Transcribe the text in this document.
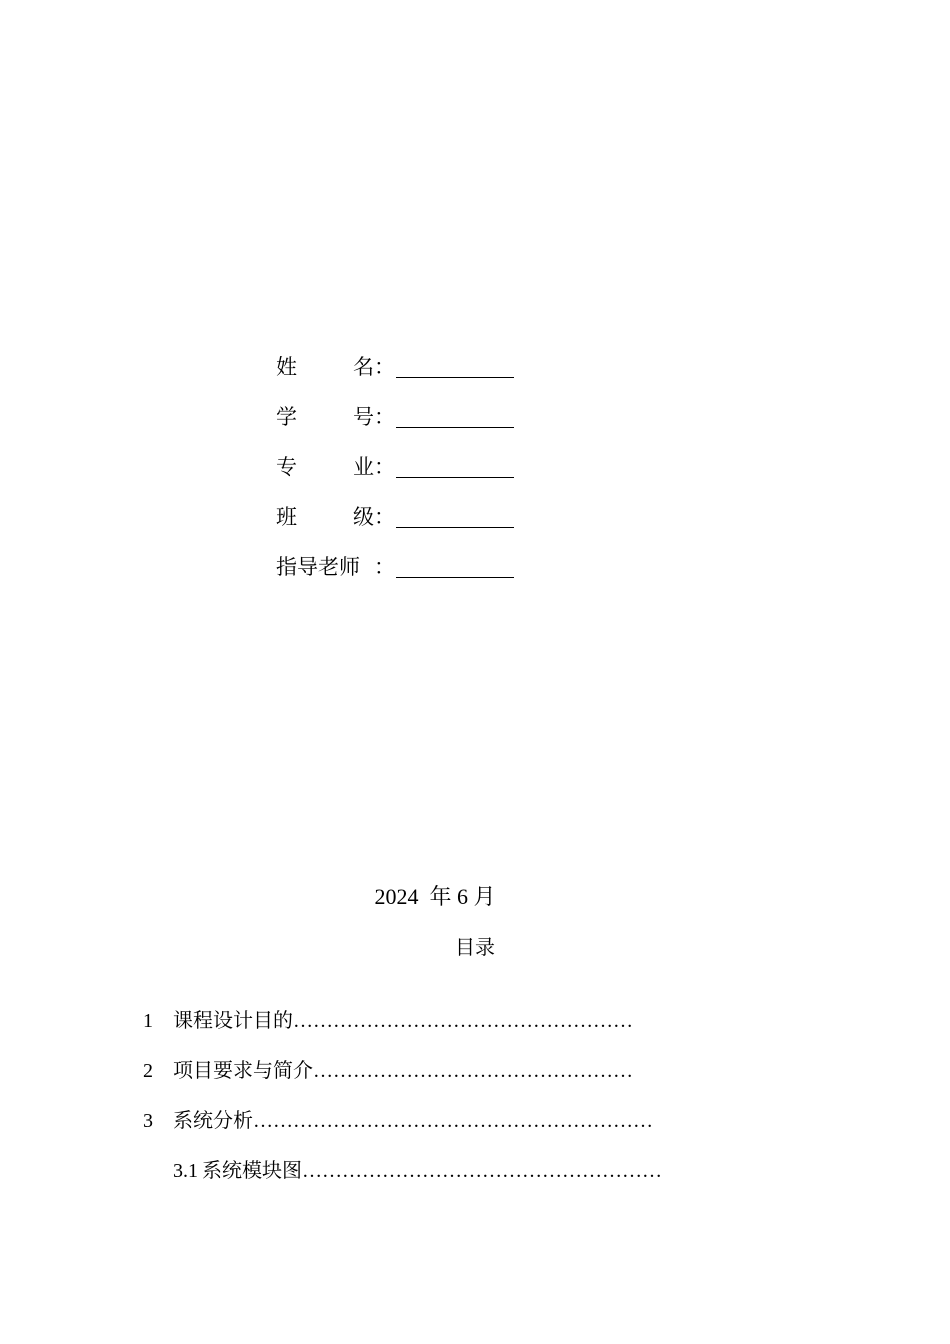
姓	名 ：
学	号 ：
专	业 ：
班	级 ：
指导老师 ：
2024  年 6 月
目录
1	课程设计目的 ……………………………………………
2	项目要求与简介 …………………………………………
3	系统分析 ……………………………………………………
3.1 系统模块图 ………………………………………………
